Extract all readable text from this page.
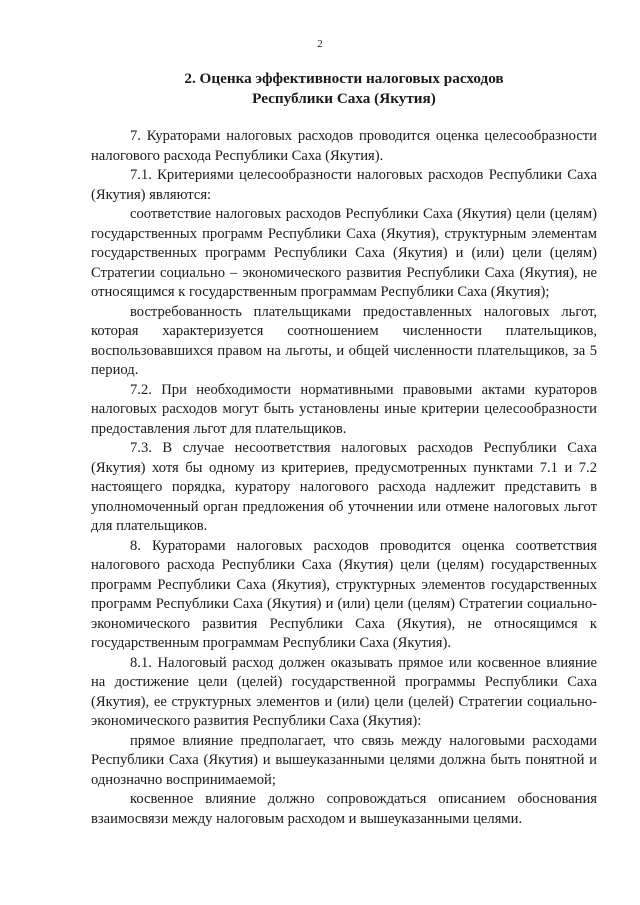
2
2. Оценка эффективности налоговых расходов
Республики Саха (Якутия)

7. Кураторами налоговых расходов проводится оценка целесообразности налогового расхода Республики Саха (Якутия).

7.1. Критериями целесообразности налоговых расходов Республики Саха (Якутия) являются:

соответствие налоговых расходов Республики Саха (Якутия) цели (целям) государственных программ Республики Саха (Якутия), структурным элементам государственных программ Республики Саха (Якутия) и (или) цели (целям) Стратегии социально – экономического развития Республики Саха (Якутия), не относящимся к государственным программам Республики Саха (Якутия);

востребованность плательщиками предоставленных налоговых льгот, которая характеризуется соотношением численности плательщиков, воспользовавшихся правом на льготы, и общей численности плательщиков, за 5 период.

7.2. При необходимости нормативными правовыми актами кураторов налоговых расходов могут быть установлены иные критерии целесообразности предоставления льгот для плательщиков.

7.3. В случае несоответствия налоговых расходов Республики Саха (Якутия) хотя бы одному из критериев, предусмотренных пунктами 7.1 и 7.2 настоящего порядка, куратору налогового расхода надлежит представить в уполномоченный орган предложения об уточнении или отмене налоговых льгот для плательщиков.

8. Кураторами налоговых расходов проводится оценка соответствия налогового расхода Республики Саха (Якутия) цели (целям) государственных программ Республики Саха (Якутия), структурных элементов государственных программ Республики Саха (Якутия) и (или) цели (целям) Стратегии социально-экономического развития Республики Саха (Якутия), не относящимся к государственным программам Республики Саха (Якутия).

8.1. Налоговый расход должен оказывать прямое или косвенное влияние на достижение цели (целей) государственной программы Республики Саха (Якутия), ее структурных элементов и (или) цели (целей) Стратегии социально-экономического развития Республики Саха (Якутия):

прямое влияние предполагает, что связь между налоговыми расходами Республики Саха (Якутия) и вышеуказанными целями должна быть понятной и однозначно воспринимаемой;

косвенное влияние должно сопровождаться описанием обоснования взаимосвязи между налоговым расходом и вышеуказанными целями.
